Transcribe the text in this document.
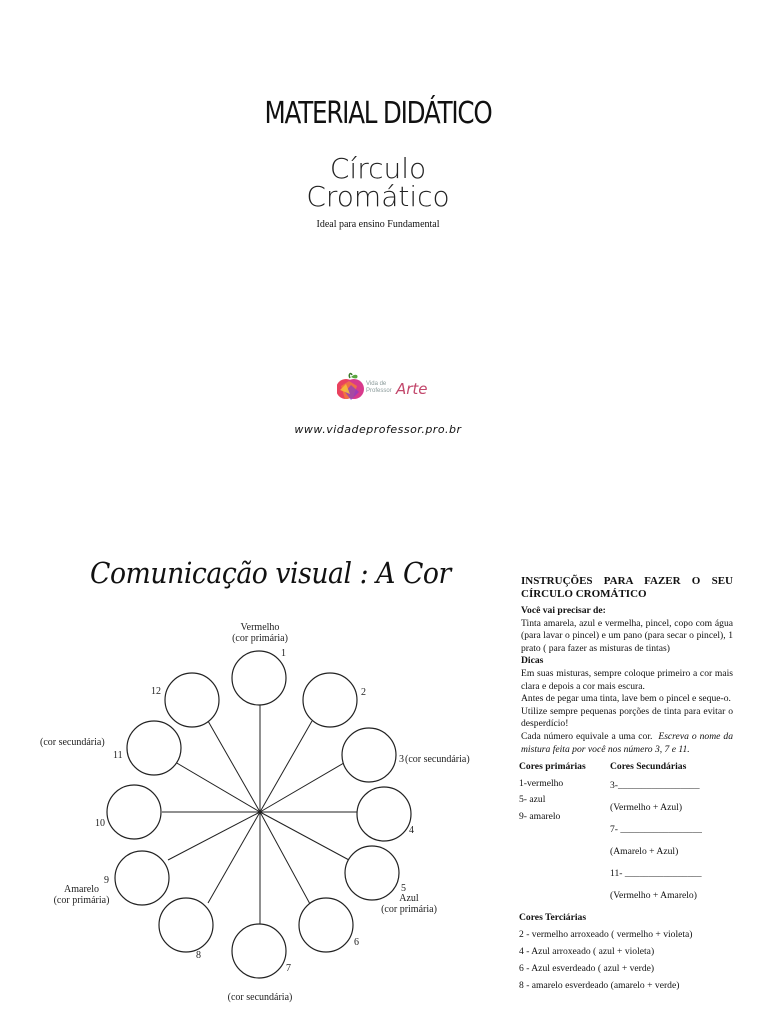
MATERIAL DIDÁTICO
Círculo
Cromático
Ideal para ensino Fundamental
Vida de
Professor Arte
www.vidadeprofessor.pro.br
Comunicação visual : A Cor
1
2
3
4
5
6
7
8
9
10
11
12
Vermelho
(cor primária)
(cor secundária)
(cor secundária)
Azul
(cor primária)
Amarelo
(cor primária)
(cor secundária)
INSTRUÇÕES PARA FAZER O SEU
CÍRCULO CROMÁTICO
Você vai precisar de:
Tinta amarela, azul e vermelha, pincel, copo com água (para lavar o pincel) e um pano (para secar o pincel), 1 prato ( para fazer as misturas de tintas)
Dicas
Em suas misturas, sempre coloque primeiro a cor mais clara e depois a cor mais escura.
Antes de pegar uma tinta, lave bem o pincel e seque-o.
Utilize sempre pequenas porções de tinta para evitar o desperdício!
Cada número equivale a uma cor. Escreva o nome da mistura feita por você nos número 3, 7 e 11.
Cores primárias
1-vermelho
5- azul
9- amarelo
Cores Secundárias
3-_________________
(Vermelho + Azul)
7- _________________
(Amarelo + Azul)
11- ________________
(Vermelho + Amarelo)
Cores Terciárias
2 - vermelho arroxeado ( vermelho + violeta)
4 - Azul arroxeado ( azul + violeta)
6 - Azul esverdeado ( azul + verde)
8 - amarelo esverdeado (amarelo + verde)
